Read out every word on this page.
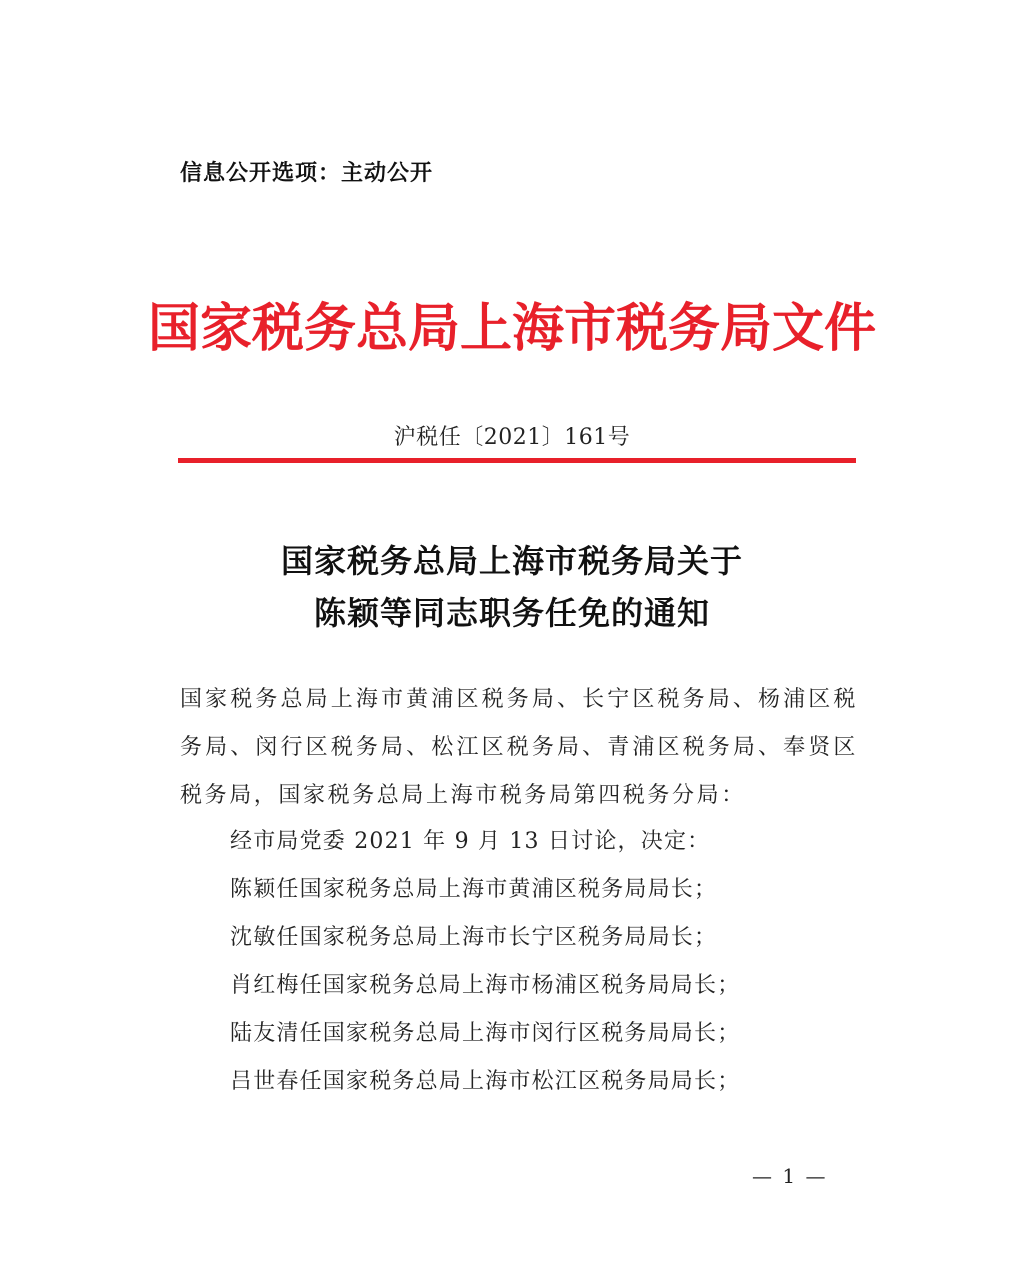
信息公开选项：主动公开
国家税务总局上海市税务局文件
沪税任〔2021〕161号
国家税务总局上海市税务局关于
陈颖等同志职务任免的通知
国家税务总局上海市黄浦区税务局、长宁区税务局、杨浦区税务局、闵行区税务局、松江区税务局、青浦区税务局、奉贤区税务局，国家税务总局上海市税务局第四税务分局：
经市局党委 2021 年 9 月 13 日讨论，决定：
陈颖任国家税务总局上海市黄浦区税务局局长；
沈敏任国家税务总局上海市长宁区税务局局长；
肖红梅任国家税务总局上海市杨浦区税务局局长；
陆友清任国家税务总局上海市闵行区税务局局长；
吕世春任国家税务总局上海市松江区税务局局长；
— 1 —
